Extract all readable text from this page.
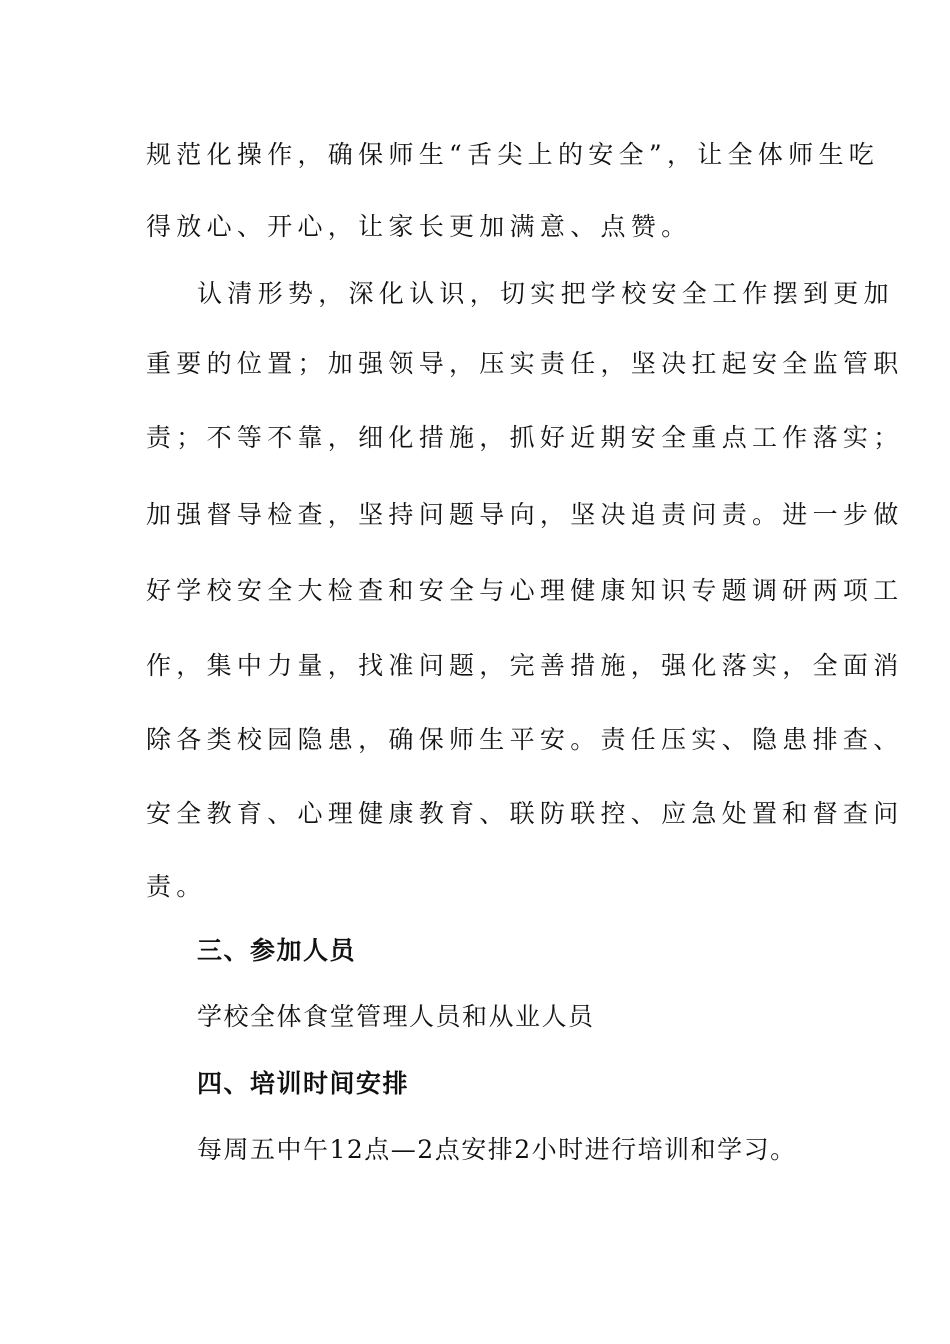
规范化操作，确保师生“舌尖上的安全”，让全体师生吃
得放心、开心，让家长更加满意、点赞。
认清形势，深化认识，切实把学校安全工作摆到更加
重要的位置；加强领导，压实责任，坚决扛起安全监管职
责；不等不靠，细化措施，抓好近期安全重点工作落实；
加强督导检查，坚持问题导向，坚决追责问责。进一步做
好学校安全大检查和安全与心理健康知识专题调研两项工
作，集中力量，找准问题，完善措施，强化落实，全面消
除各类校园隐患，确保师生平安。责任压实、隐患排查、
安全教育、心理健康教育、联防联控、应急处置和督查问
责。
三、参加人员
学校全体食堂管理人员和从业人员
四、培训时间安排
每周五中午12点—2点安排2小时进行培训和学习。
